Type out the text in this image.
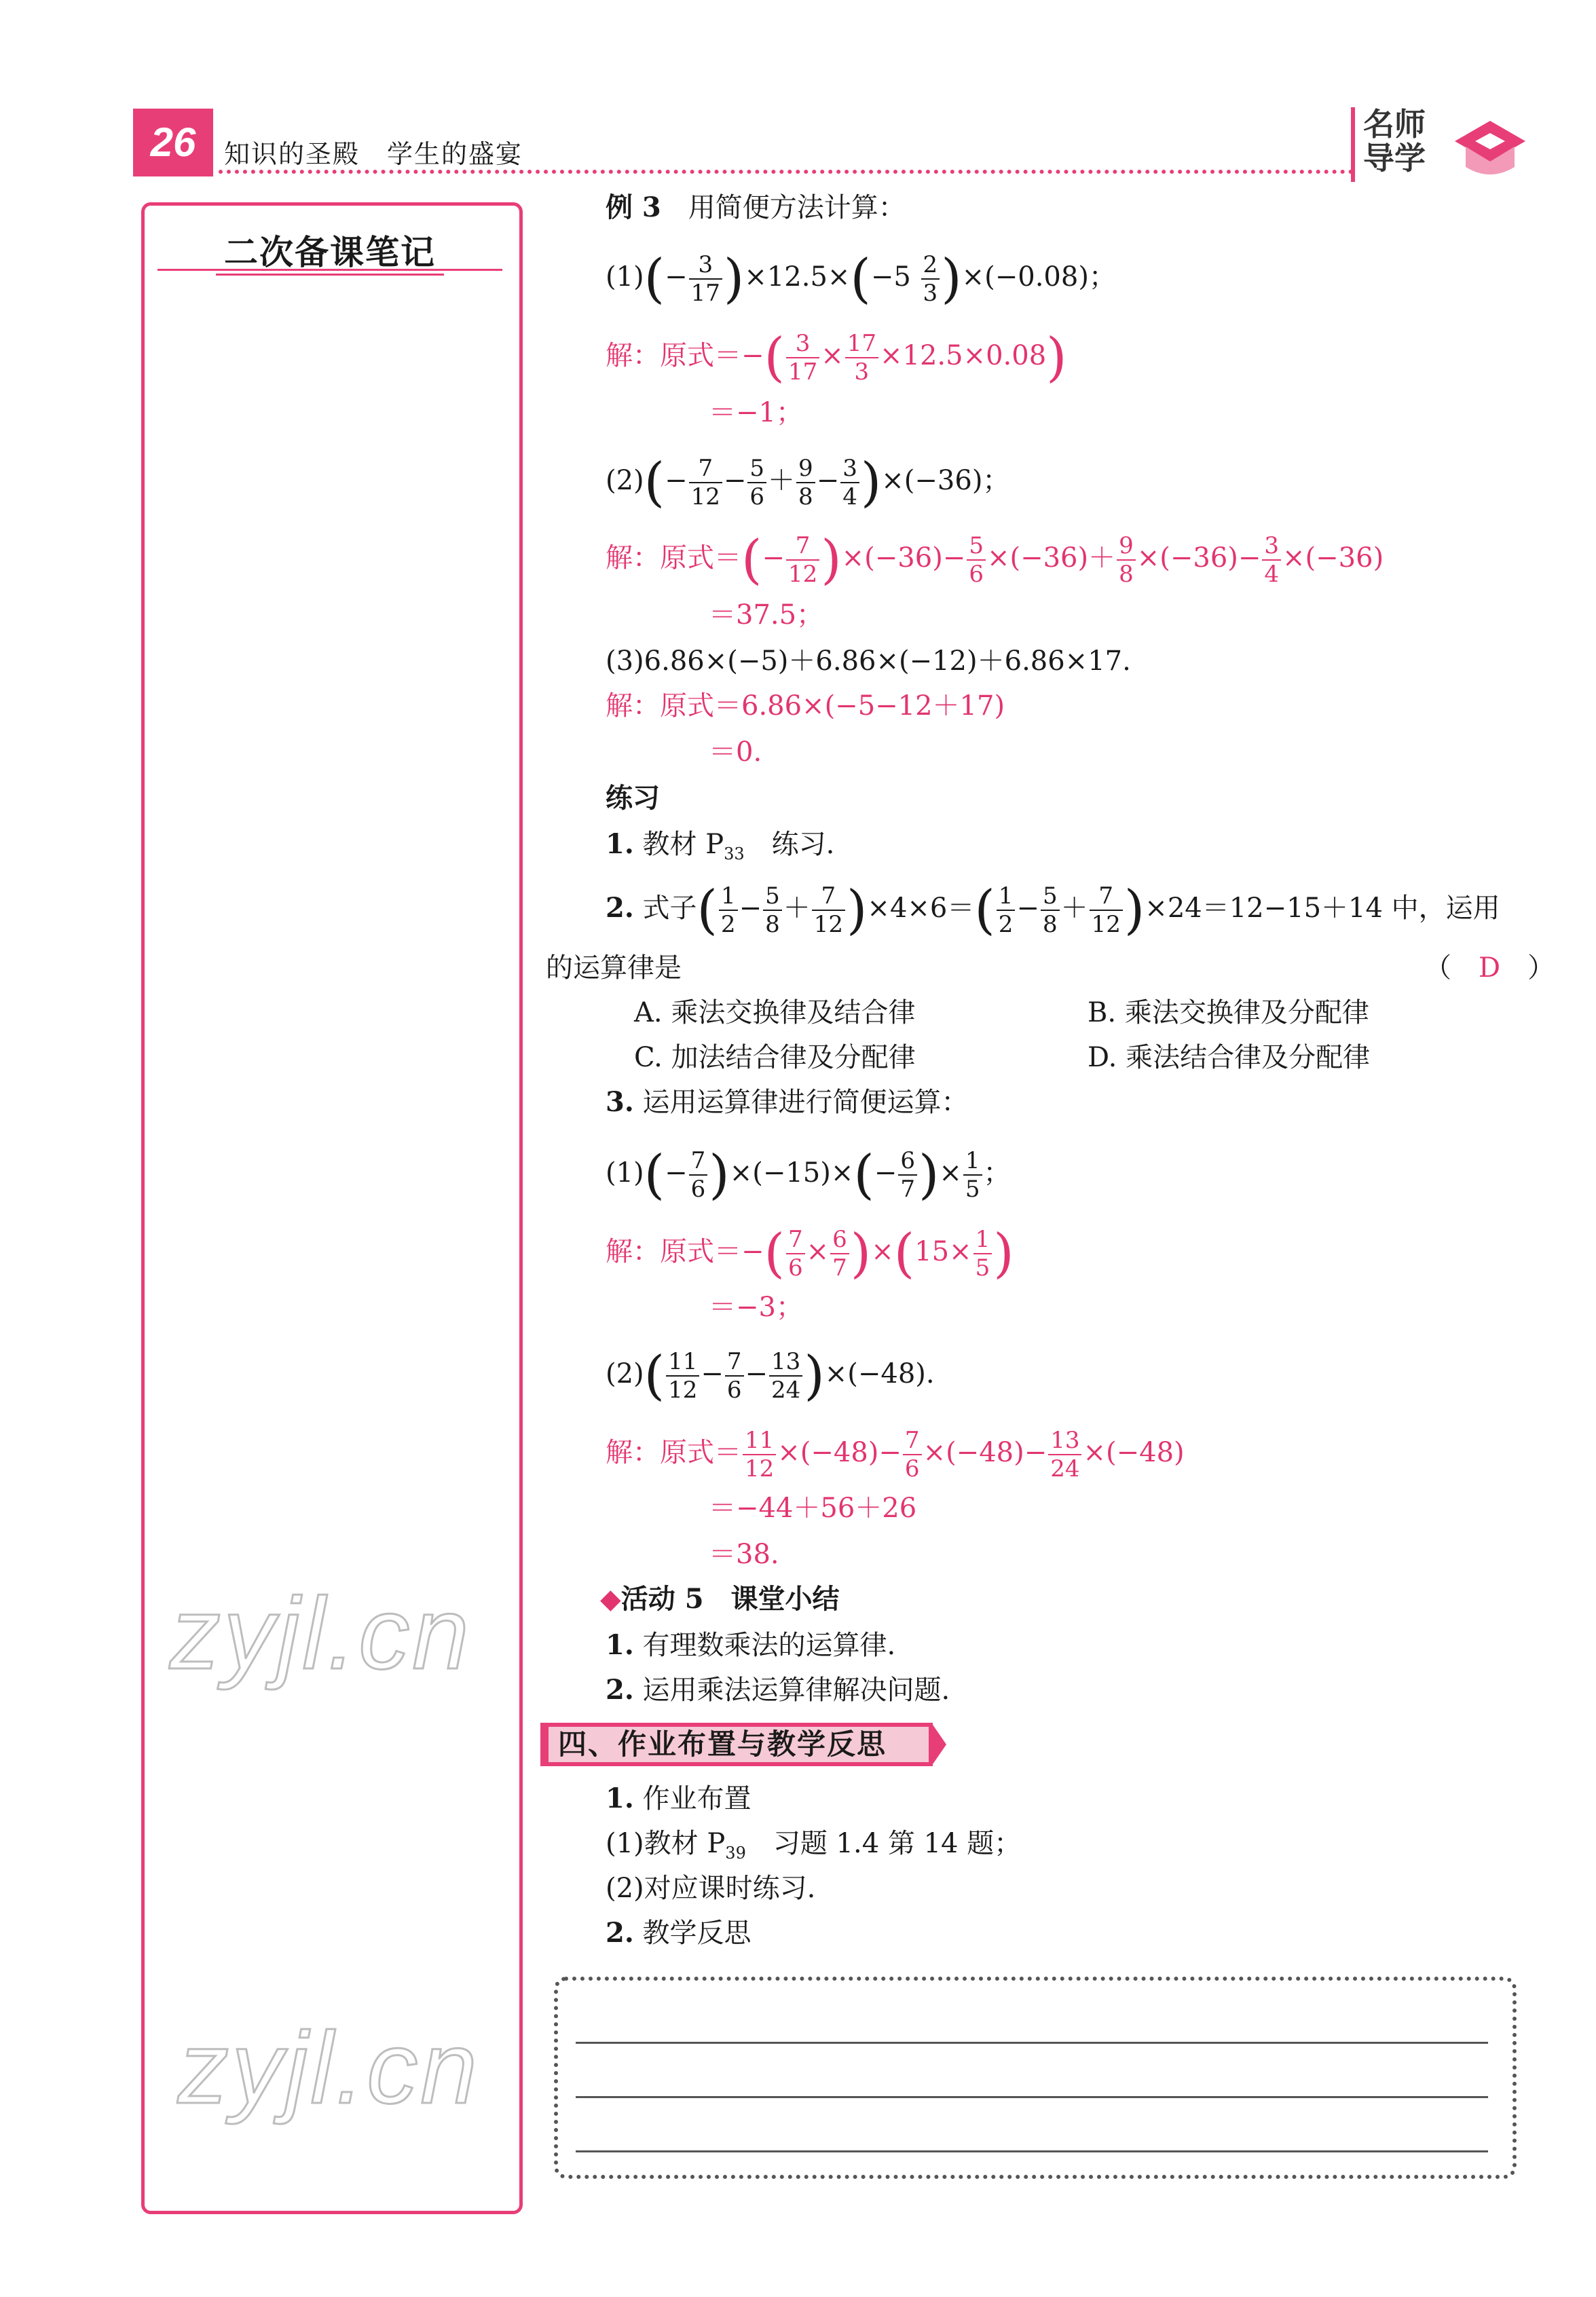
26	知识的圣殿　学生的盛宴
名师导学
二次备课笔记
zyjl.cn
zyjl.cn
例 3　 用简便方法计算：
$(1)(- \frac{3}{17} )\times 12.5\times(-5 \frac{2}{3} )\times(-0.08)$；
解：原式＝−( $\frac{3}{17} \times \frac{17}{3} \times 12.5\times 0.08$)
＝−1；
$(2)(- \frac{7}{12} - \frac{5}{6} + \frac{9}{8} - \frac{3}{4} )\times(-36)$；
解：原式＝(− $\frac{7}{12} )\times(-36)- \frac{5}{6} \times(-36)+ \frac{9}{8} \times(-36)- \frac{3}{4} \times(-36)$
＝37.5；
(3)6.86×(−5)＋6.86×(−12)＋6.86×17.
解：原式＝6.86×(−5−12＋17)
＝0.
练习
1. 教材 $P_{33}$　练习.
2. 式子( $\frac{1}{2} - \frac{5}{8} + \frac{7}{12} )\times 4\times 6=( \frac{1}{2} - \frac{5}{8} + \frac{7}{12} )\times 24=12-15+14$ 中，运用
的运算律是	（　D　）
A. 乘法交换律及结合律	B. 乘法交换律及分配律
C. 加法结合律及分配律	D. 乘法结合律及分配律
3. 运用运算律进行简便运算：
$(1)(- \frac{7}{6} )\times(-15)\times(- \frac{6}{7}$ )× $\frac{1}{5}$ ；
解：原式＝−( $\frac{7}{6} \times \frac{6}{7} )\times(15\times \frac{1}{5}$ )
＝−3；
$(2)( \frac{11}{12} - \frac{7}{6} - \frac{13}{24} )\times(-48)$.
解：原式＝ $\frac{11}{12} \times(-48)- \frac{7}{6} \times(-48)- \frac{13}{24} \times(-48)$
＝−44＋56＋26
＝38.
◆活动 5　课堂小结
1. 有理数乘法的运算律.
2. 运用乘法运算律解决问题.
四、作业布置与教学反思
1. 作业布置
(1)教材 $P_{39}$　习题 1.4 第 14 题；
(2)对应课时练习.
2. 教学反思
